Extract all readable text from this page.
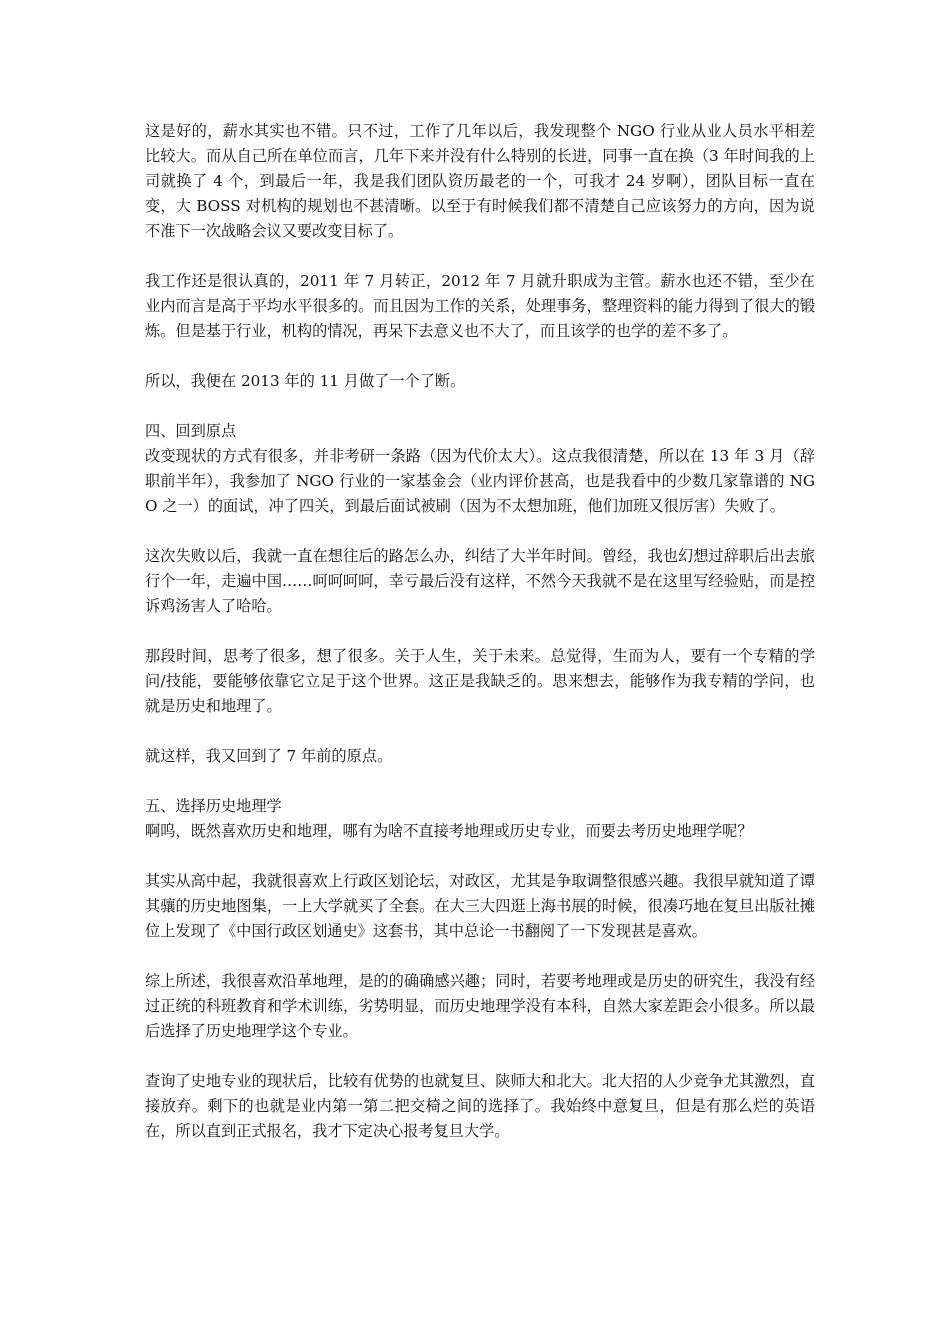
这是好的，薪水其实也不错。只不过，工作了几年以后，我发现整个 NGO 行业从业人员水平相差比较大。而从自己所在单位而言，几年下来并没有什么特别的长进，同事一直在换（3 年时间我的上司就换了 4 个，到最后一年，我是我们团队资历最老的一个，可我才 24 岁啊），团队目标一直在变，大 BOSS 对机构的规划也不甚清晰。以至于有时候我们都不清楚自己应该努力的方向，因为说不准下一次战略会议又要改变目标了。

我工作还是很认真的，2011 年 7 月转正，2012 年 7 月就升职成为主管。薪水也还不错，至少在业内而言是高于平均水平很多的。而且因为工作的关系，处理事务，整理资料的能力得到了很大的锻炼。但是基于行业，机构的情况，再呆下去意义也不大了，而且该学的也学的差不多了。

所以，我便在 2013 年的 11 月做了一个了断。

四、回到原点

改变现状的方式有很多，并非考研一条路（因为代价太大）。这点我很清楚，所以在 13 年 3 月（辞职前半年），我参加了 NGO 行业的一家基金会（业内评价甚高，也是我看中的少数几家靠谱的 NGO 之一）的面试，冲了四关，到最后面试被刷（因为不太想加班，他们加班又很厉害）失败了。

这次失败以后，我就一直在想往后的路怎么办，纠结了大半年时间。曾经，我也幻想过辞职后出去旅行个一年，走遍中国……呵呵呵呵，幸亏最后没有这样，不然今天我就不是在这里写经验贴，而是控诉鸡汤害人了哈哈。

那段时间，思考了很多，想了很多。关于人生，关于未来。总觉得，生而为人，要有一个专精的学问/技能，要能够依靠它立足于这个世界。这正是我缺乏的。思来想去，能够作为我专精的学问，也就是历史和地理了。

就这样，我又回到了 7 年前的原点。

五、选择历史地理学

啊呜，既然喜欢历史和地理，哪有为啥不直接考地理或历史专业，而要去考历史地理学呢？

其实从高中起，我就很喜欢上行政区划论坛，对政区，尤其是争取调整很感兴趣。我很早就知道了谭其骧的历史地图集，一上大学就买了全套。在大三大四逛上海书展的时候，很凑巧地在复旦出版社摊位上发现了《中国行政区划通史》这套书，其中总论一书翻阅了一下发现甚是喜欢。

综上所述，我很喜欢沿革地理，是的的确确感兴趣；同时，若要考地理或是历史的研究生，我没有经过正统的科班教育和学术训练，劣势明显，而历史地理学没有本科，自然大家差距会小很多。所以最后选择了历史地理学这个专业。

查询了史地专业的现状后，比较有优势的也就复旦、陕师大和北大。北大招的人少竞争尤其激烈，直接放弃。剩下的也就是业内第一第二把交椅之间的选择了。我始终中意复旦，但是有那么烂的英语在，所以直到正式报名，我才下定决心报考复旦大学。
